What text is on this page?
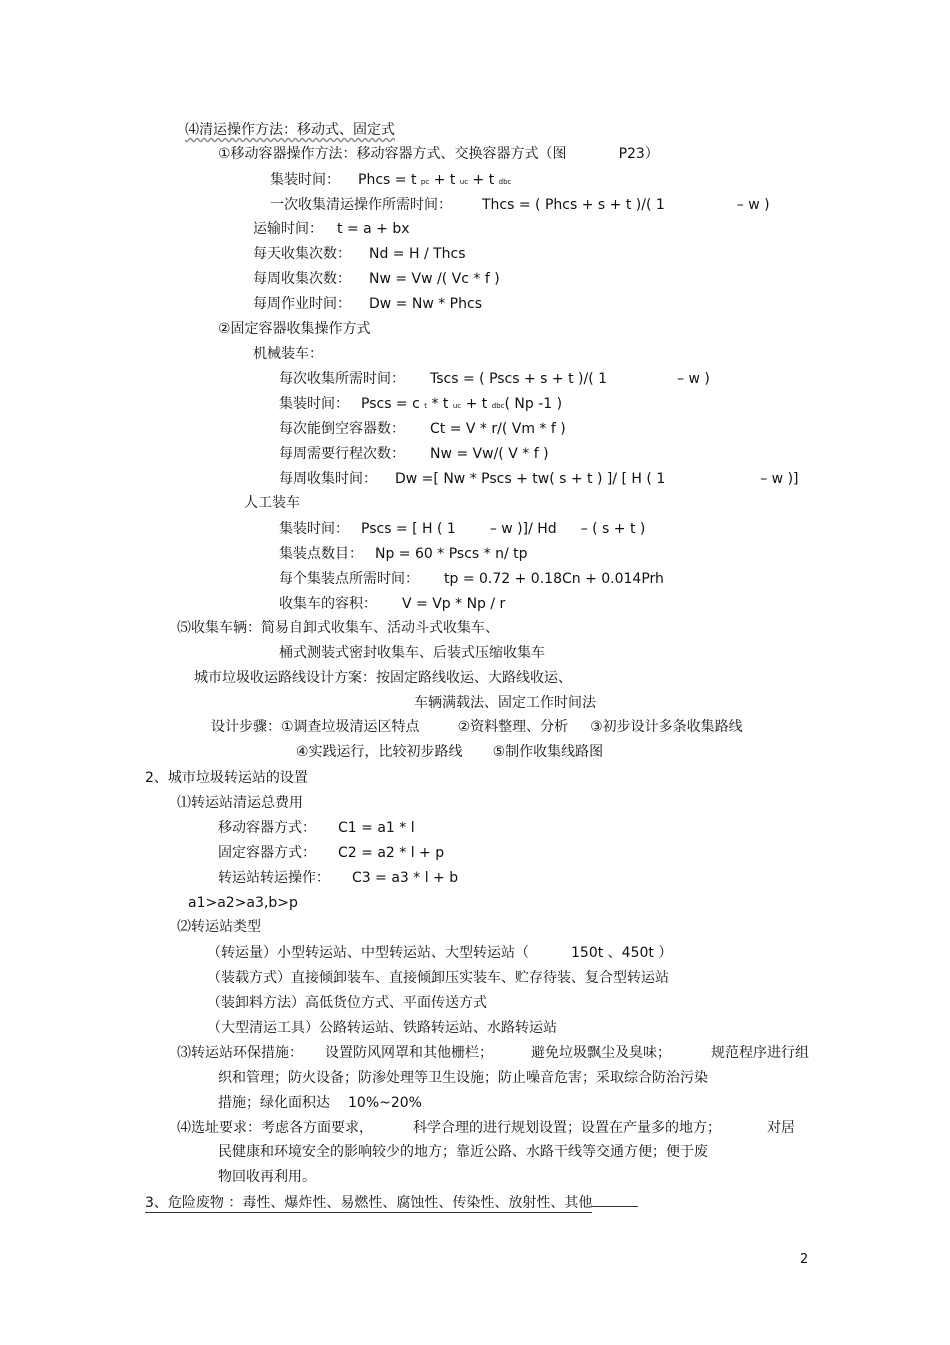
⑷清运操作方法：移动式、固定式
①移动容器操作方法：移动容器方式、交换容器方式（图	P23）
集装时间： Phcs = t pc + t uc + t dbc
一次收集清运操作所需时间： Thcs = ( Phcs + s + t )/( 1	– w )
运输时间： t = a + bx
每天收集次数： Nd = H / Thcs
每周收集次数： Nw = Vw /( Vc * f )
每周作业时间： Dw = Nw * Phcs
②固定容器收集操作方式
机械装车：
每次收集所需时间： Tscs = ( Pscs + s + t )/( 1	– w )
集装时间： Pscs = c t * t uc + t dbc( Np -1 )
每次能倒空容器数： Ct = V * r/( Vm * f )
每周需要行程次数： Nw = Vw/( V * f )
每周收集时间： Dw =[ Nw * Pscs + tw( s + t ) ]/ [ H ( 1	– w )]
人工装车
集装时间： Pscs = [ H ( 1 – w )]/ Hd – ( s + t )
集装点数目： Np = 60 * Pscs * n/ tp
每个集装点所需时间： tp = 0.72 + 0.18Cn + 0.014Prh
收集车的容积： V = Vp * Np / r
⑸收集车辆：简易自卸式收集车、活动斗式收集车、
桶式测装式密封收集车、后装式压缩收集车
城市垃圾收运路线设计方案：按固定路线收运、大路线收运、
车辆满载法、固定工作时间法
设计步骤：①调查垃圾清运区特点	②资料整理、分析 ③初步设计多条收集路线
④实践运行，比较初步路线 ⑤制作收集线路图
2、城市垃圾转运站的设置
⑴转运站清运总费用
移动容器方式： C1 = a1 * l
固定容器方式： C2 = a2 * l + p
转运站转运操作： C3 = a3 * l + b
a1>a2>a3,b>p
⑵转运站类型
（转运量）小型转运站、中型转运站、大型转运站（	150t 、450t ）
（装载方式）直接倾卸装车、直接倾卸压实装车、贮存待装、复合型转运站
（装卸料方法）高低货位方式、平面传送方式
（大型清运工具）公路转运站、铁路转运站、水路转运站
⑶转运站环保措施： 设置防风网罩和其他栅栏；	避免垃圾飘尘及臭味；	规范程序进行组
织和管理；防火设备；防渗处理等卫生设施；防止噪音危害；采取综合防治污染
措施；绿化面积达 10%~20%
⑷选址要求：考虑各方面要求，	科学合理的进行规划设置；设置在产量多的地方；	对居
民健康和环境安全的影响较少的地方；靠近公路、水路干线等交通方便；便于废
物回收再利用。
3、危险废物 ：毒性、爆炸性、易燃性、腐蚀性、传染性、放射性、其他
2
